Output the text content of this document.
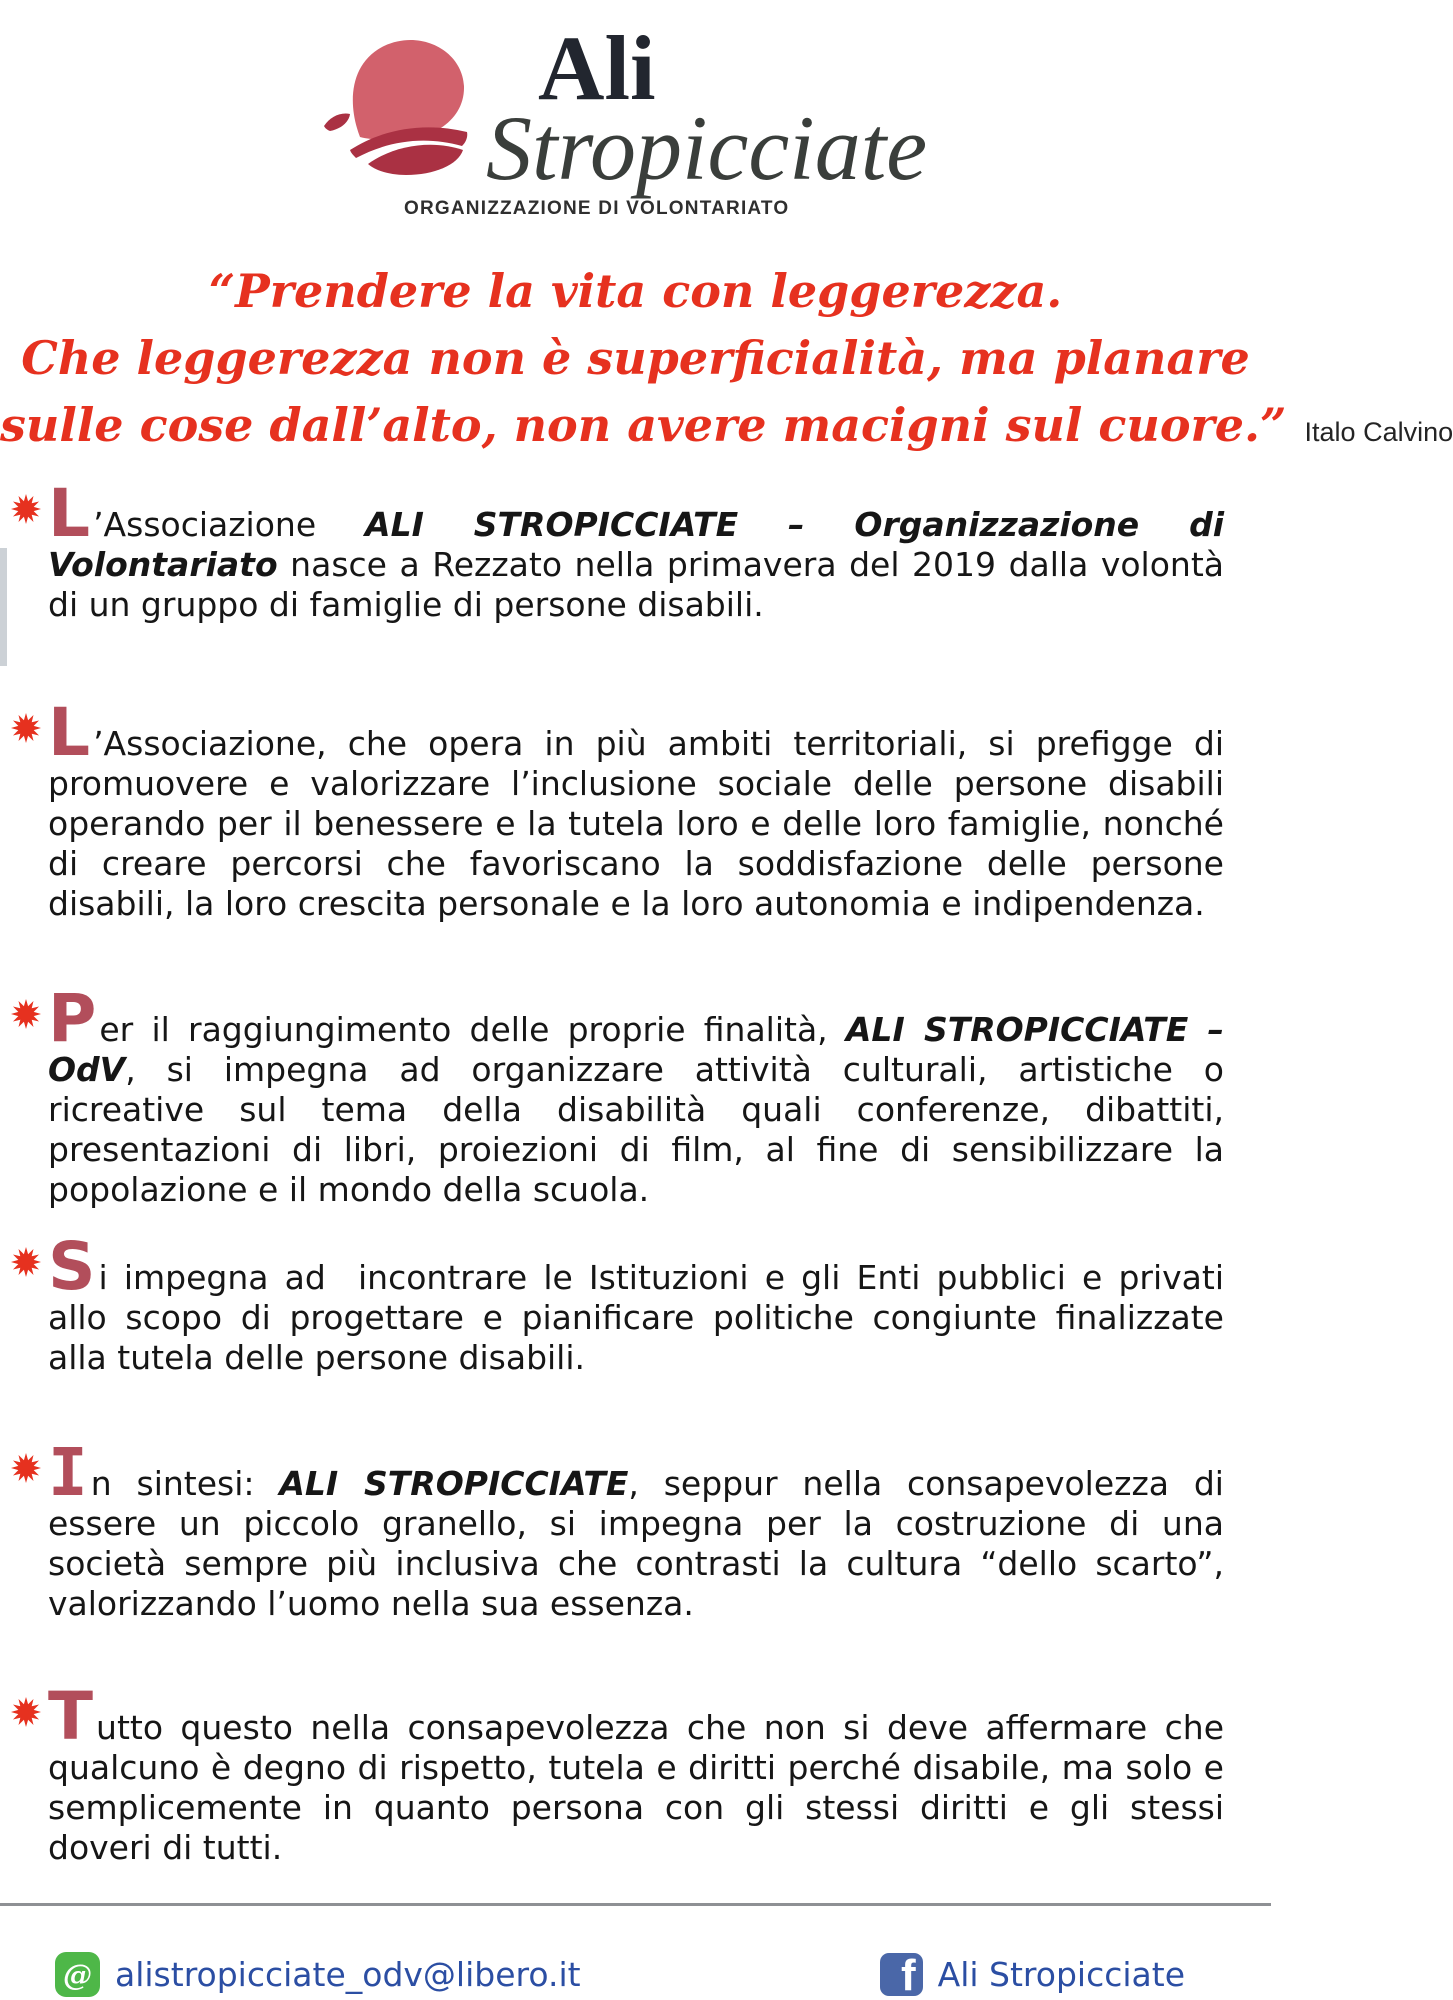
Ali
Stropicciate
ORGANIZZAZIONE DI VOLONTARIATO
“Prendere la vita con leggerezza.
Che leggerezza non è superficialità, ma planare
sulle cose dall’alto, non avere macigni sul cuore.” Italo Calvino
L’Associazione ALI STROPICCIATE – Organizzazione di Volontariato nasce a Rezzato nella primavera del 2019 dalla volontà di un gruppo di famiglie di persone disabili.
L’Associazione, che opera in più ambiti territoriali, si prefigge di promuovere e valorizzare l’inclusione sociale delle persone disabili operando per il benessere e la tutela loro e delle loro famiglie, nonché di creare percorsi che favoriscano la soddisfazione delle persone disabili, la loro crescita personale e la loro autonomia e indipendenza.
Per il raggiungimento delle proprie finalità, ALI STROPICCIATE – OdV, si impegna ad organizzare attività culturali, artistiche o ricreative sul tema della disabilità quali conferenze, dibattiti, presentazioni di libri, proiezioni di film, al fine di sensibilizzare la popolazione e il mondo della scuola.
Si impegna ad  incontrare le Istituzioni e gli Enti pubblici e privati allo scopo di progettare e pianificare politiche congiunte finalizzate alla tutela delle persone disabili.
In sintesi: ALI STROPICCIATE, seppur nella consapevolezza di essere un piccolo granello, si impegna per la costruzione di una società sempre più inclusiva che contrasti la cultura “dello scarto”, valorizzando l’uomo nella sua essenza.
Tutto questo nella consapevolezza che non si deve affermare che qualcuno è degno di rispetto, tutela e diritti perché disabile, ma solo e semplicemente in quanto persona con gli stessi diritti e gli stessi doveri di tutti.
@ alistropicciate_odv@libero.it	f Ali Stropicciate
